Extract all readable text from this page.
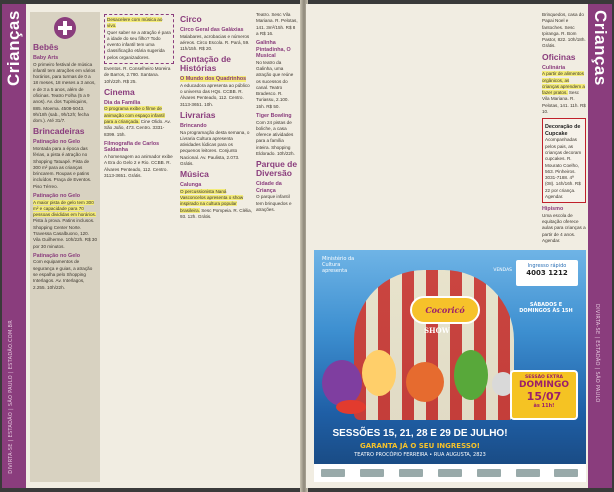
Crianças
DIVIRTA-SE | ESTADÃO | SÃO PAULO | ESTADÃO.COM.BR
Bebês
Baby Arts

O primeiro festival de música infantil tem atrações em vários horários, para turmas de 0 a 18 meses, 18 meses a 3 anos, e de 3 a 5 anos, além de oficinas. Teatro Folha (5 a 9 anos). Av. dos Tupiniquins, 885. Moema. 4508-5043. 9h/18h (sab., 9h/12h; fecha dom.). Até 31/7.

Brincadeiras
Patinação no Gelo

Montada para a época das férias, a pista é atração no Shopping Tatuapé. Pista de 300 m² para as crianças brincarem. Roupas e patins incluídos. Praça de Eventos. Piso Térreo.

Patinação no Gelo

A maior pista de gelo tem 300 m² e capacidade para 70 pessoas divididas em horários. Pista à prova. Patins inclusos. Shopping Center Norte. Travessa Casalbuono, 120. Vila Guilherme. 10h/22h. R$ 30 por 30 minutos.

Patinação no Gelo

Com equipamentos de segurança e guias, a atração se espalha pelo Shopping Interlagos. Av. Interlagos, 2.255. 10h/22h.

Desacelere com música ao vivo.

Quer saber se a atração é para a idade do seu filho? Todo evento infantil tem uma classificação etária sugerida pelos organizadores.

Eventos. R. Conselheiro Moreira de Barros, 2.780. Santana. 10h/22h. R$ 25.

Cinema
Dia da Família

O programa exibe o filme de animação com espaço infantil para a criançada. Cine Olido. Av. São João, 473. Centro. 3331-8399. 15h.

Filmografia de Carlos Saldanha

A homenagem ao animador exibe A Era do Gelo 2 e Rio. CCBB. R. Álvares Penteado, 112. Centro. 3113-3651. Grátis.

Circo
Circo Geral das Galáxias

Malabares, acrobacias e números aéreos. Circo Escola. R. Pará, 59. 11h/15h. R$ 20.

Contação de Histórias
O Mundo dos Quadrinhos

A educadora apresenta ao público o universo das HQs. CCBB. R. Álvares Penteado, 112. Centro. 3113-3651. 10h.

Livrarias
Brincando

Na programação desta semana, o Livraria Cultura apresenta atividades lúdicas para os pequenos leitores. Conjunto Nacional. Av. Paulista, 2.073. Grátis.

Música
Calunga

O percussionista Naná Vasconcelos apresenta o show inspirado na cultura popular brasileira. Sesc Pompeia. R. Clélia, 93. 12h. Grátis.

Teatro. Sesc Vila Mariana. R. Pelotas, 141. 3m²/15h. R$ 8 a R$ 16.

Galinha Pintadinha, O Musical

No teatro da Galinha, uma atração que reúne os sucessos do canal. Teatro Bradesco. R. Turiassu, 2.100. 15h. R$ 50.

Tiger Bowling

Com 24 pistas de boliche, a casa oferece atividades para a família inteira. Shopping Eldorado. 10h/22h.

Parque de Diversão
Cidade da Criança

O parque infantil tem brinquedos e atrações.

Crianças
DIVIRTA-SE | ESTADÃO | SÃO PAULO

Brinquedos, casa do Papai Noel e fantoches. Sesc Ipiranga. R. Bom Pastor, 822. 10h/18h. Grátis.

Oficinas
Culinária

A partir de alimentos orgânicos, as crianças aprendem a fazer pratos. Sesc Vila Mariana. R. Pelotas, 141. 11h. R$ 10.

Decoração de Cupcake

Acompanhadas pelos pais, as crianças decoram cupcakes. R. Mourato Coelho, 563. Pinheiros. 3031-7188. 4ª (08). 14h/16h. R$ 22 por criança. Agendar.

Hipismo

Uma escola de equitação oferece aulas para crianças a partir de 4 anos. Agendar.

Ministério da Cultura apresenta	VENDAS
Ingresso rápido
4003 1212
Cocoricó
SHOW
SÁBADOS E DOMINGOS ÀS 15H
SESSÃO EXTRA
DOMINGO
15/07
às 11h!
SESSÕES 15, 21, 28 E 29 DE JULHO!
GARANTA JÁ O SEU INGRESSO!
TEATRO PROCÓPIO FERREIRA • RUA AUGUSTA, 2823
